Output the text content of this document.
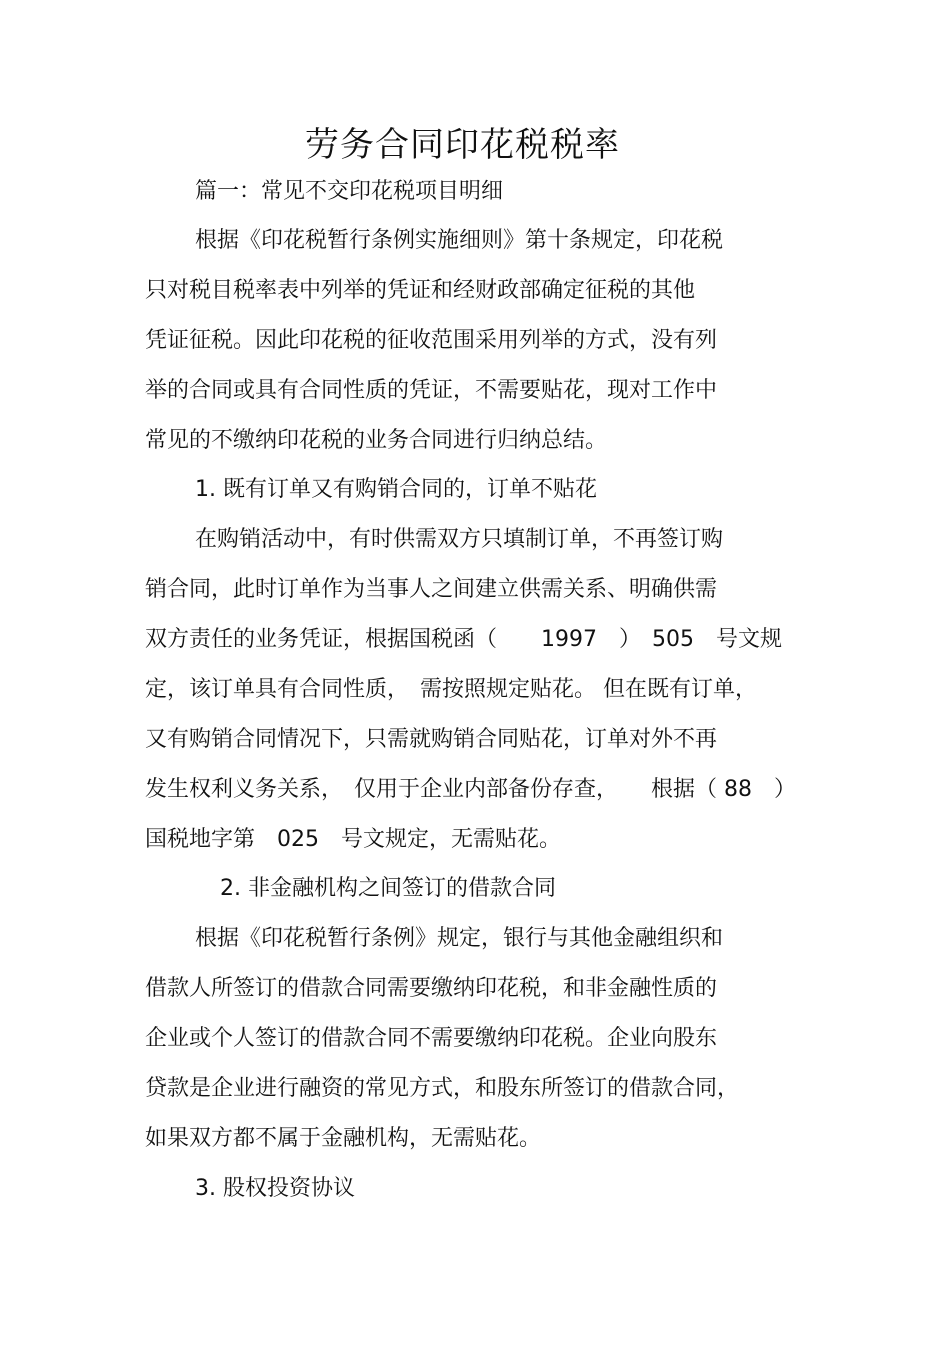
劳务合同印花税税率
篇一：常见不交印花税项目明细
根据《印花税暂行条例实施细则》第十条规定，印花税
只对税目税率表中列举的凭证和经财政部确定征税的其他
凭证征税。因此印花税的征收范围采用列举的方式，没有列
举的合同或具有合同性质的凭证，不需要贴花，现对工作中
常见的不缴纳印花税的业务合同进行归纳总结。
1. 既有订单又有购销合同的，订单不贴花
在购销活动中，有时供需双方只填制订单，不再签订购
销合同，此时订单作为当事人之间建立供需关系、明确供需
双方责任的业务凭证，根据国税函（　　1997　）　505　号文规
定，该订单具有合同性质，　需按照规定贴花。 但在既有订单，
又有购销合同情况下，只需就购销合同贴花，订单对外不再
发生权利义务关系，　仅用于企业内部备份存查，　　根据（ 88　）
国税地字第　025　号文规定，无需贴花。
2. 非金融机构之间签订的借款合同
根据《印花税暂行条例》规定，银行与其他金融组织和
借款人所签订的借款合同需要缴纳印花税，和非金融性质的
企业或个人签订的借款合同不需要缴纳印花税。企业向股东
贷款是企业进行融资的常见方式，和股东所签订的借款合同，
如果双方都不属于金融机构，无需贴花。
3. 股权投资协议
